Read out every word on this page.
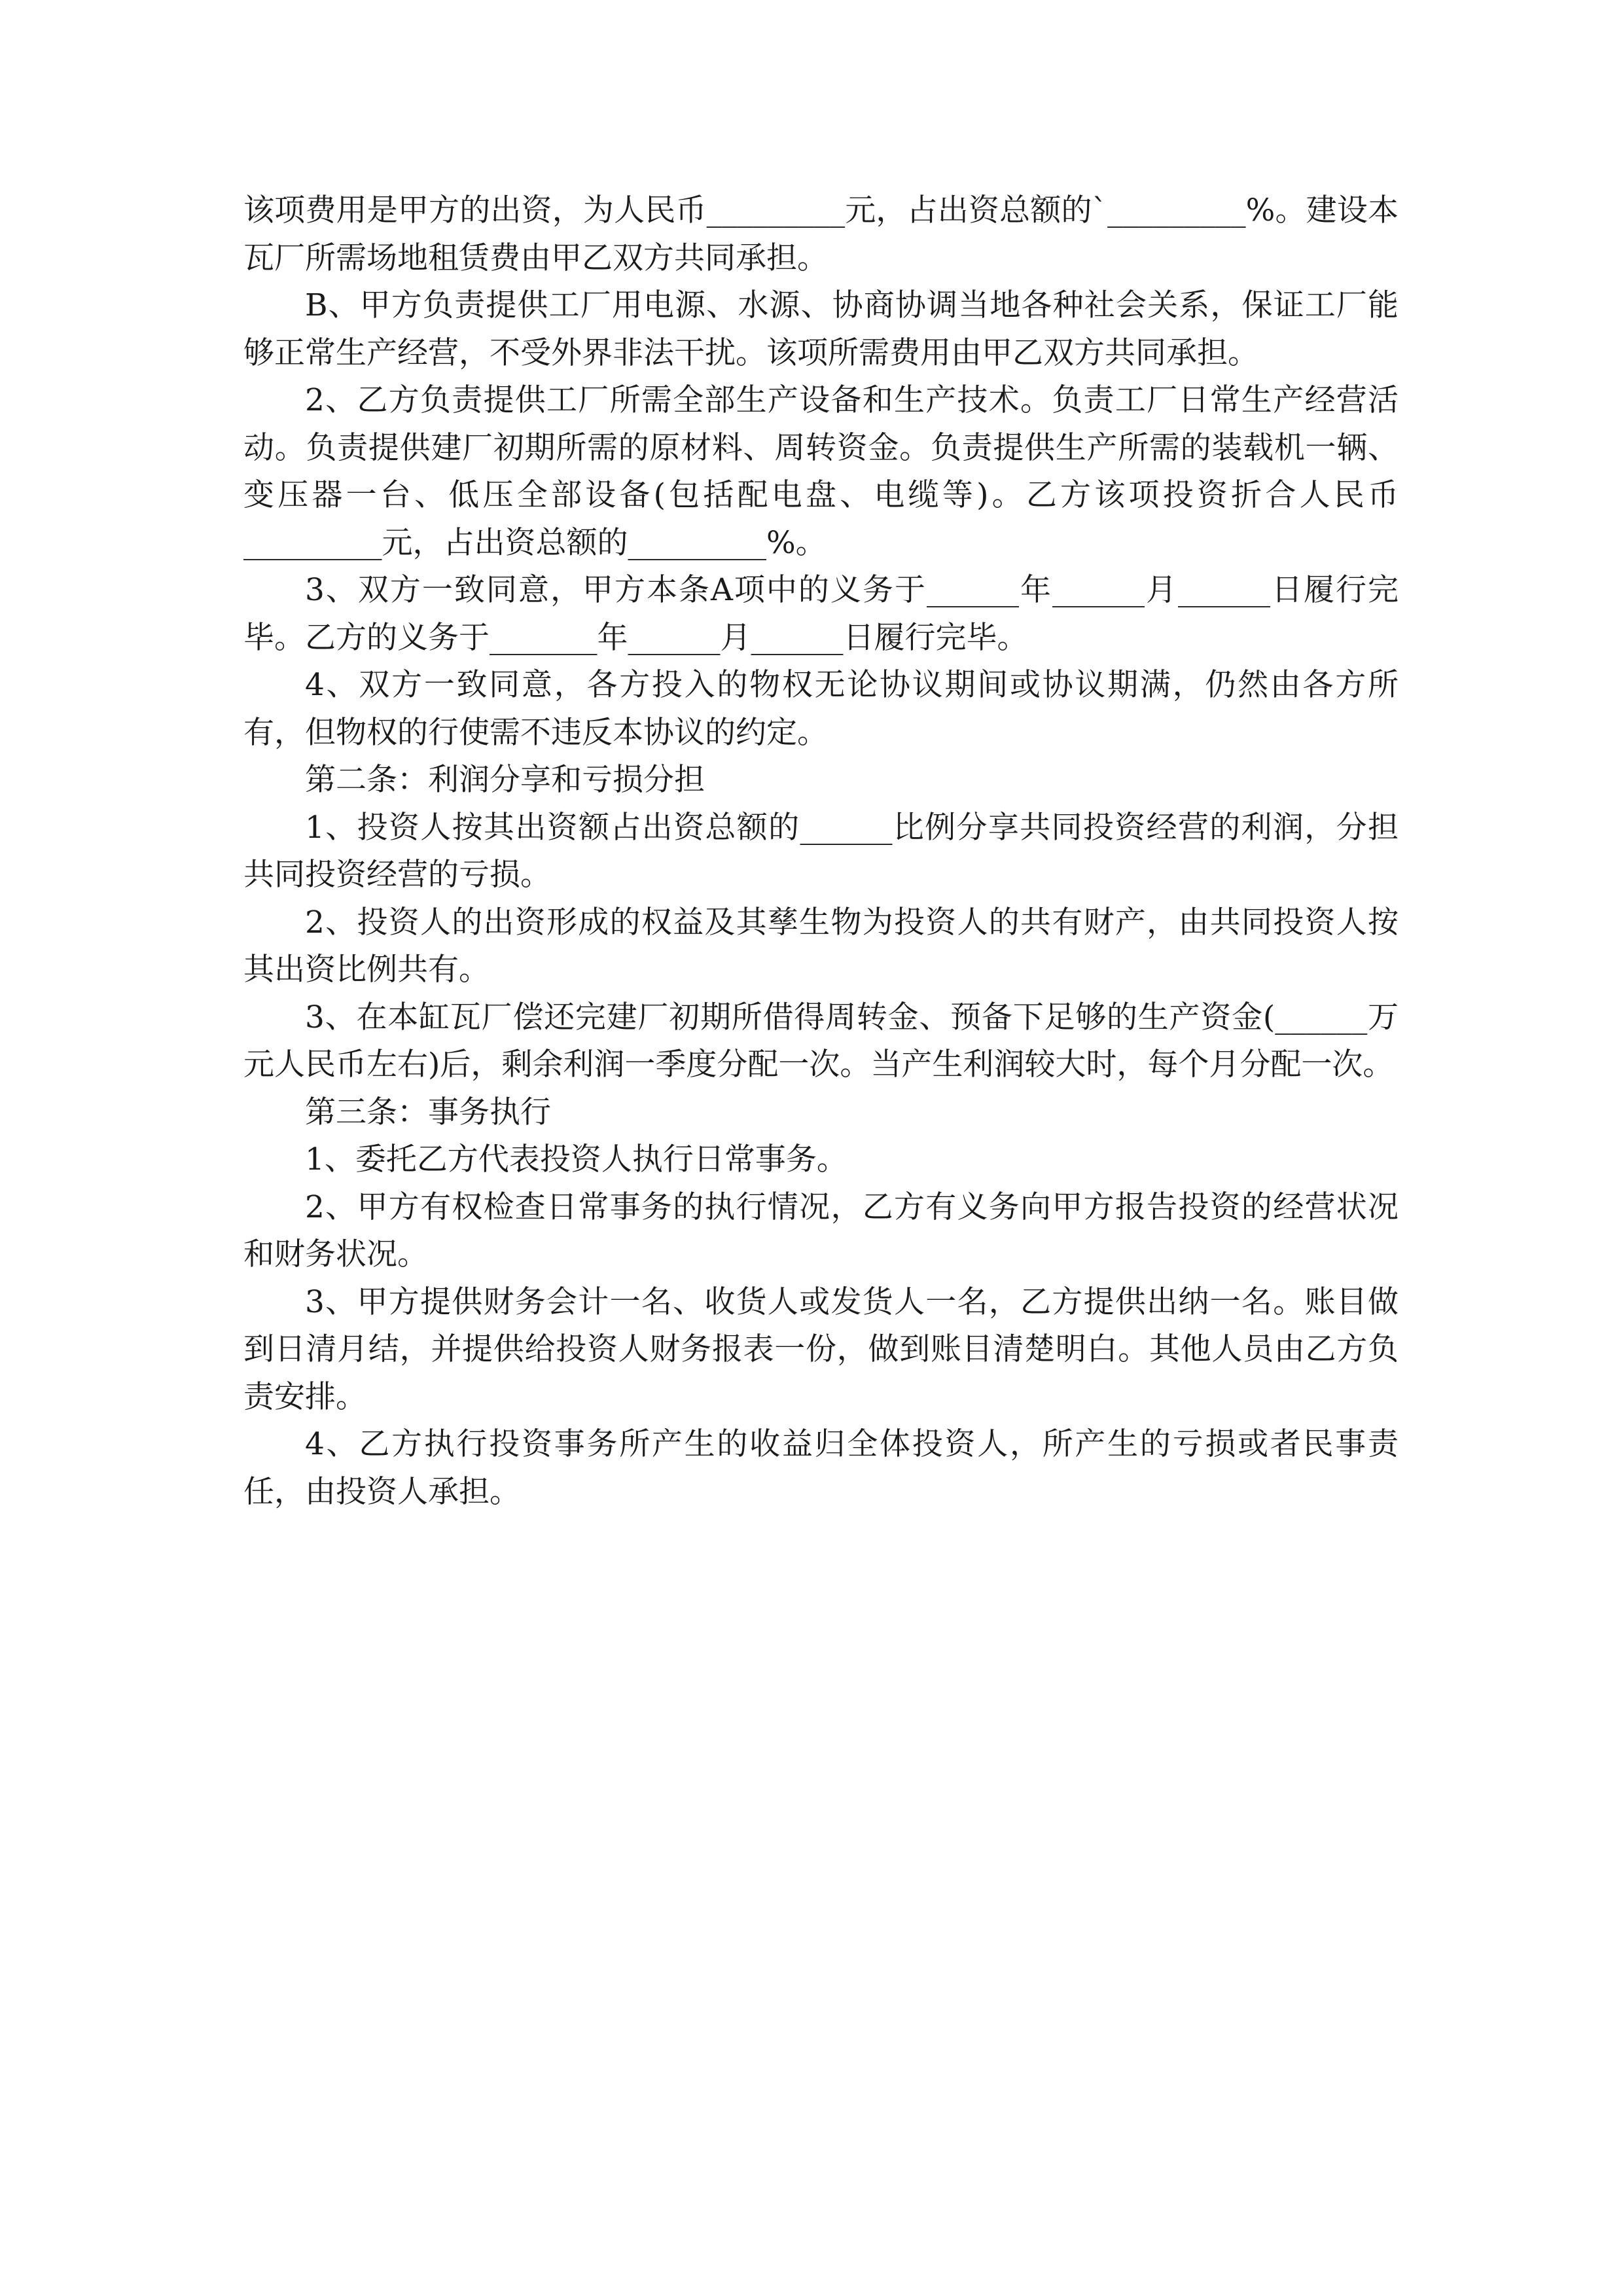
该项费用是甲方的出资，为人民币_________元，占出资总额的`_________%。建设本瓦厂所需场地租赁费由甲乙双方共同承担。

B、甲方负责提供工厂用电源、水源、协商协调当地各种社会关系，保证工厂能够正常生产经营，不受外界非法干扰。该项所需费用由甲乙双方共同承担。

2、乙方负责提供工厂所需全部生产设备和生产技术。负责工厂日常生产经营活动。负责提供建厂初期所需的原材料、周转资金。负责提供生产所需的装载机一辆、变压器一台、低压全部设备(包括配电盘、电缆等)。乙方该项投资折合人民币_________元，占出资总额的_________%。

3、双方一致同意，甲方本条A项中的义务于______年______月______日履行完毕。乙方的义务于_______年______月______日履行完毕。

4、双方一致同意，各方投入的物权无论协议期间或协议期满，仍然由各方所有，但物权的行使需不违反本协议的约定。

第二条：利润分享和亏损分担

1、投资人按其出资额占出资总额的______比例分享共同投资经营的利润，分担共同投资经营的亏损。

2、投资人的出资形成的权益及其孳生物为投资人的共有财产，由共同投资人按其出资比例共有。

3、在本缸瓦厂偿还完建厂初期所借得周转金、预备下足够的生产资金(______万元人民币左右)后，剩余利润一季度分配一次。当产生利润较大时，每个月分配一次。

第三条：事务执行

1、委托乙方代表投资人执行日常事务。

2、甲方有权检查日常事务的执行情况，乙方有义务向甲方报告投资的经营状况和财务状况。

3、甲方提供财务会计一名、收货人或发货人一名，乙方提供出纳一名。账目做到日清月结，并提供给投资人财务报表一份，做到账目清楚明白。其他人员由乙方负责安排。

4、乙方执行投资事务所产生的收益归全体投资人，所产生的亏损或者民事责任，由投资人承担。
